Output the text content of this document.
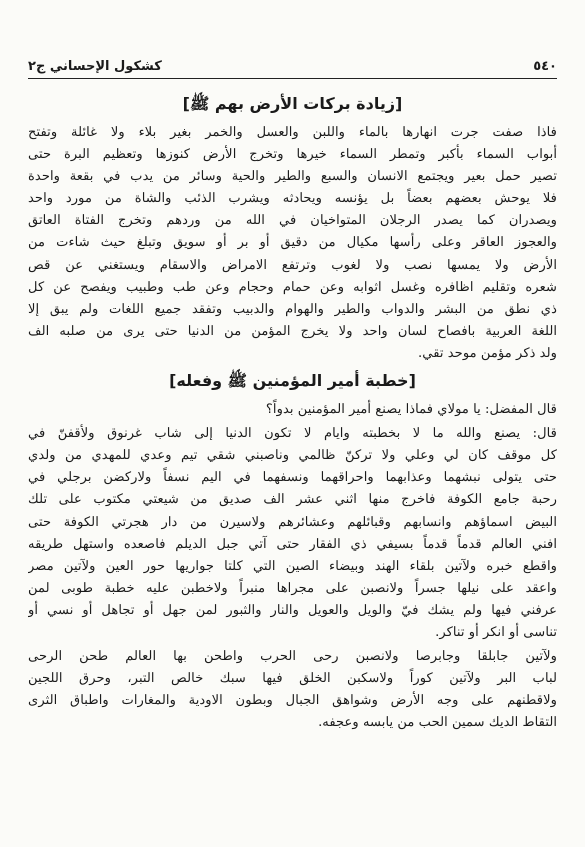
كشكول الإحساني ج٢	٥٤٠
[زيادة بركات الأرض بهم ﷺ]

فاذا صفت جرت انهارها بالماء واللبن والعسل والخمر بغير بلاء ولا غائلة وتفتح
أبواب السماء بأكبر وتمطر السماء خيرها وتخرج الأرض كنوزها وتعظيم البرة حتى
تصير حمل بعير ويجتمع الانسان والسبع والطير والحية وسائر من يدب في بقعة واحدة
فلا يوحش بعضهم بعضاً بل يؤنسه ويحادثه ويشرب الذئب والشاة من مورد واحد
ويصدران كما يصدر الرجلان المتواخيان في الله من وردهم وتخرج الفتاة العاتق
والعجوز العاقر وعلى رأسها مكيال من دقيق أو بر أو سويق وتبلغ حيث شاءت من
الأرض ولا يمسها نصب ولا لغوب وترتفع الامراض والاسقام ويستغني عن قص
شعره وتقليم اظافره وغسل اثوابه وعن حمام وحجام وعن طب وطبيب ويفصح عن كل
ذي نطق من البشر والدواب والطير والهوام والدبيب وتفقد جميع اللغات ولم يبق إلا
اللغة العربية بافصاح لسان واحد ولا يخرج المؤمن من الدنيا حتى يرى من صلبه الف
ولد ذكر مؤمن موحد تقي.

[خطبة أمير المؤمنين ﷺ وفعله]

قال المفضل: يا مولاي فماذا يصنع أمير المؤمنين بدواً؟

قال: يصنع والله ما لا بخطبته وايام لا تكون الدنيا إلى شاب غرنوق ولأقفنّ في
كل موقف كان لي وعلي ولا تركنّ ظالمي وناصبني شقي تيم وعدي للمهدي من ولدي
حتى يتولى نبشهما وعذابهما واحراقهما ونسفهما في اليم نسفاً ولاركضن برجلي في
رحبة جامع الكوفة فاخرج منها اثني عشر الف صديق من شيعتي مكتوب على تلك
البيض اسماؤهم وانسابهم وقبائلهم وعشائرهم ولاسيرن من دار هجرتي الكوفة حتى
افني العالم قدماً قدماً بسيفي ذي الفقار حتى آتي جبل الديلم فاصعده واستهل طريقه
واقطع خبره ولآتين بلقاء الهند وبيضاء الصين التي كلتا جواريها حور العين ولآتين مصر
واعقد على نيلها جسراً ولانصبن على مجراها منبراً ولاخطبن عليه خطبة طوبى لمن
عرفني فيها ولم يشك فيّ والويل والعويل والنار والثبور لمن جهل أو تجاهل أو نسي أو
تناسى أو انكر أو تناكر.

ولآتين جابلقا وجابرصا ولانصبن رحى الحرب واطحن بها العالم طحن الرحى
لباب البر ولآتين كوراً ولاسكبن الخلق فيها سبك خالص التبر، وحرق اللجين
ولاقطنهم على وجه الأرض وشواهق الجبال وبطون الاودية والمغارات واطباق الثرى
التقاط الديك سمين الحب من يابسه وعجفه.
